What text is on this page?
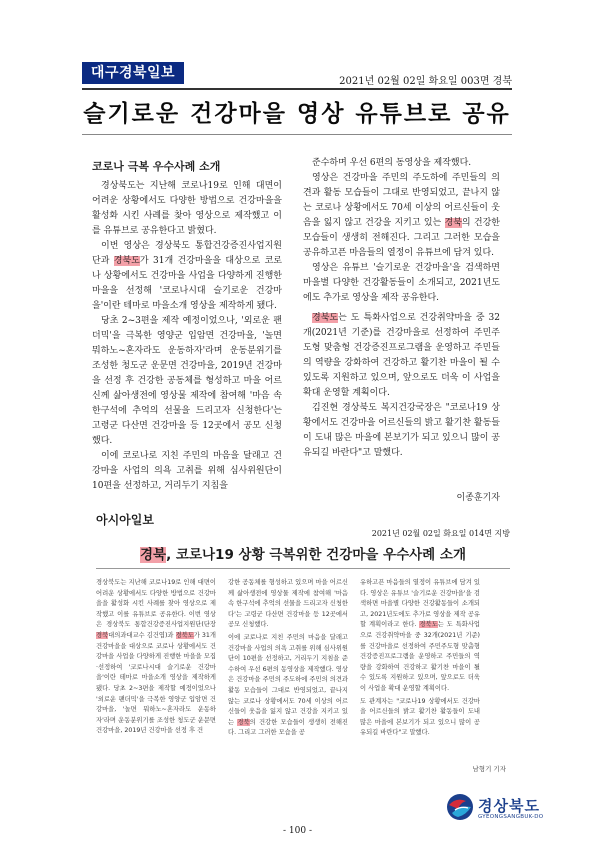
대구경북일보
2021년 02월 02일 화요일 003면 경북
슬기로운 건강마을 영상 유튜브로 공유
코로나 극복 우수사례 소개

경상북도는 지난해 코로나19로 인해 대면이 어려운 상황에서도 다양한 방법으로 건강마을을 활성화 시킨 사례를 찾아 영상으로 제작했고 이를 유튜브로 공유한다고 밝혔다.

이번 영상은 경상북도 통합건강증진사업지원단과 경북도가 31개 건강마을을 대상으로 코로나 상황에서도 건강마을 사업을 다양하게 진행한 마을을 선정해 '코로나시대 슬기로운 건강마을'이란 테마로 마을소개 영상을 제작하게 됐다.

당초 2~3편을 제작 예정이었으나, '외로운 팬더믹'을 극복한 영양군 입암면 건강마을, '놀면 뭐하노~혼자라도 운동하자'라며 운동분위기를 조성한 청도군 운문면 건강마을, 2019년 건강마을 선정 후 건강한 공동체를 형성하고 마을 어르신께 삶아생전에 영상물 제작에 참여해 '마음 속 한구석에 추억의 선물을 드리고자 신청한다'는 고령군 다산면 건강마을 등 12곳에서 공모 신청했다.

이에 코로나로 지친 주민의 마음을 달래고 건강마을 사업의 의욕 고취를 위해 심사위원단이 10편을 선정하고, 거리두기 지침을

준수하며 우선 6편의 동영상을 제작했다.

영상은 건강마을 주민의 주도하에 주민들의 의견과 활동 모습들이 그대로 반영되었고, 끝나지 않는 코로나 상황에서도 70세 이상의 어르신들이 웃음을 잃지 않고 건강을 지키고 있는 경북의 건강한 모습들이 생생히 전해진다. 그리고 그러한 모습을 공유하고픈 마음들의 열정이 유튜브에 담겨 있다.

영상은 유튜브 '슬기로운 건강마을'을 검색하면 마을별 다양한 건강활동들이 소개되고, 2021년도에도 추가로 영상을 제작 공유한다.

경북도는 도 특화사업으로 건강취약마을 중 32개(2021년 기준)를 건강마을로 선정하여 주민주도형 맞춤형 건강증진프로그램을 운영하고 주민들의 역량을 강화하여 건강하고 활기찬 마을이 될 수 있도록 지원하고 있으며, 앞으로도 더욱 이 사업을 확대 운영할 계획이다.

김진현 경상북도 복지건강국장은 "코로나19 상황에서도 건강마을 어르신들의 밝고 활기찬 활동들이 도내 많은 마을에 본보기가 되고 있으니 많이 공유되길 바란다"고 말했다.

이종훈기자
아시아일보
2021년 02월 02일 화요일 014면 지방
경북, 코로나19 상황 극복위한 건강마을 우수사례 소개

경상북도는 지난해 코로나19로 인해 대면이 어려운 상황에서도 다양한 방법으로 건강마을을 활성화 시킨 사례를 찾아 영상으로 제작했고 이를 유튜브로 공유한다. 이번 영상은 경상북도 통합건강증진사업지원단(단장 경북대의과대교수 김건엽)과 경북도가 31개 건강마을을 대상으로 코로나 상황에서도 건강마을 사업을 다양하게 진행한 마을을 모집·선정하여 '코로나시대 슬기로운 건강마을'이란 테마로 마을소개 영상을 제작하게 됐다. 당초 2~3편을 제작할 예정이었으나 '외로운 팬더믹'을 극복한 영양군 입암면 건강마을, '놀면 뭐하노~혼자라도 운동하자'라며 운동분위기를 조성한 청도군 운문면 건강마을, 2019년 건강마을 선정 후 건

강한 공동체를 형성하고 있으며 마을 어르신께 삶아생전에 영상물 제작에 참여해 '마음 속 한구석에 추억의 선물을 드리고자 신청한다'는 고령군 다산면 건강마을 등 12곳에서 공모 신청했다.

이에 코로나로 지친 주민의 마음을 달래고 건강마을 사업의 의욕 고취를 위해 심사위원단이 10편을 선정하고, 거리두기 지침을 준수하여 우선 6편의 동영상을 제작했다. 영상은 건강마을 주민의 주도하에 주민의 의견과 활동 모습들이 그대로 반영되었고, 끝나지 않는 코로나 상황에서도 70세 이상의 어르신들이 웃음을 잃지 않고 건강을 지키고 있는 경북의 건강한 모습들이 생생히 전해진다. 그리고 그러한 모습을 공

유하고픈 마음들의 열정이 유튜브에 담겨 있다. 영상은 유튜브 '슬기로운 건강마을'을 검색하면 마을별 다양한 건강활동들이 소개되고, 2021년도에도 추가로 영상을 제작 공유할 계획이라고 한다. 경북도는 도 특화사업으로 건강취약마을 중 32개(2021년 기준)를 건강마을로 선정하여 주민주도형 맞춤형 건강증진프로그램을 운영하고 주민들의 역량을 강화하여 건강하고 활기찬 마을이 될 수 있도록 지원하고 있으며, 앞으로도 더욱 이 사업을 확대 운영할 계획이다.

도 관계자는 "코로나19 상황에서도 건강마을 어르신들의 밝고 활기찬 활동들이 도내 많은 마을에 본보기가 되고 있으니 많이 공유되길 바란다"고 말했다.

남형기 기자
경상북도
GYEONGSANGBUK-DO
- 100 -
